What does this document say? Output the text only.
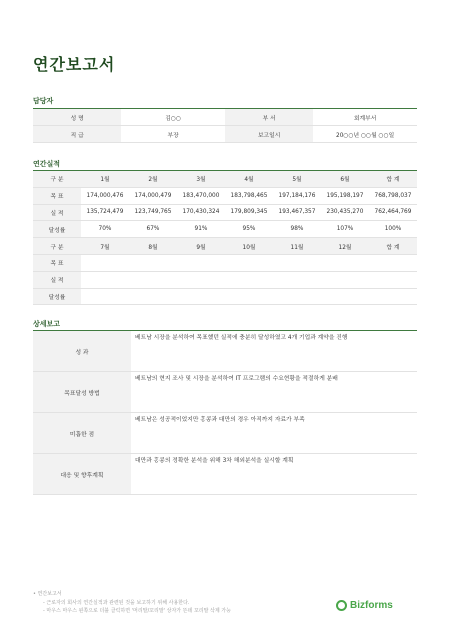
연간보고서
담당자
성 명	김○○	부 서	회계부서
직 급	부장	보고일시	20○○년 ○○월 ○○일
연간실적
구 분	1월	2월	3월	4월	5월	6월	합 계
목 표	174,000,476	174,000,479	183,470,000	183,798,465	197,184,176	195,198,197	768,798,037
실 적	135,724,479	123,749,765	170,430,324	179,809,345	193,467,357	230,435,270	762,464,769
달성률	70%	67%	91%	95%	98%	107%	100%
구 분	7월	8월	9월	10월	11월	12월	합 계
목 표							
실 적							
달성률							
상세보고
성 과	베트남 시장을 분석하여 목표했던 실적에 충분히 달성하였고 4개 기업과 계약을 진행
목표달성 방법	베트남의 현지 조사 및 시장을 분석하여 IT 프로그램의 수요현황을 적절하게 분배
미흡한 점	베트남은 성공적이었지만 홍콩과 대만의 경우 아직까지 자료가 부족
대응 및 향후계획	대만과 홍콩의 정확한 분석을 위해 3차 해외분석을 실시할 계획
• 연간보고서
- 근로자의 회사의 연간실적과 관련된 것을 보고하기 위해 사용한다.
- 마우스 마우스 왼쪽으로 더블 클릭하면 '머리말/꼬리말' 상자가 뜬데 꼬리말 삭제 가능	Bizforms
